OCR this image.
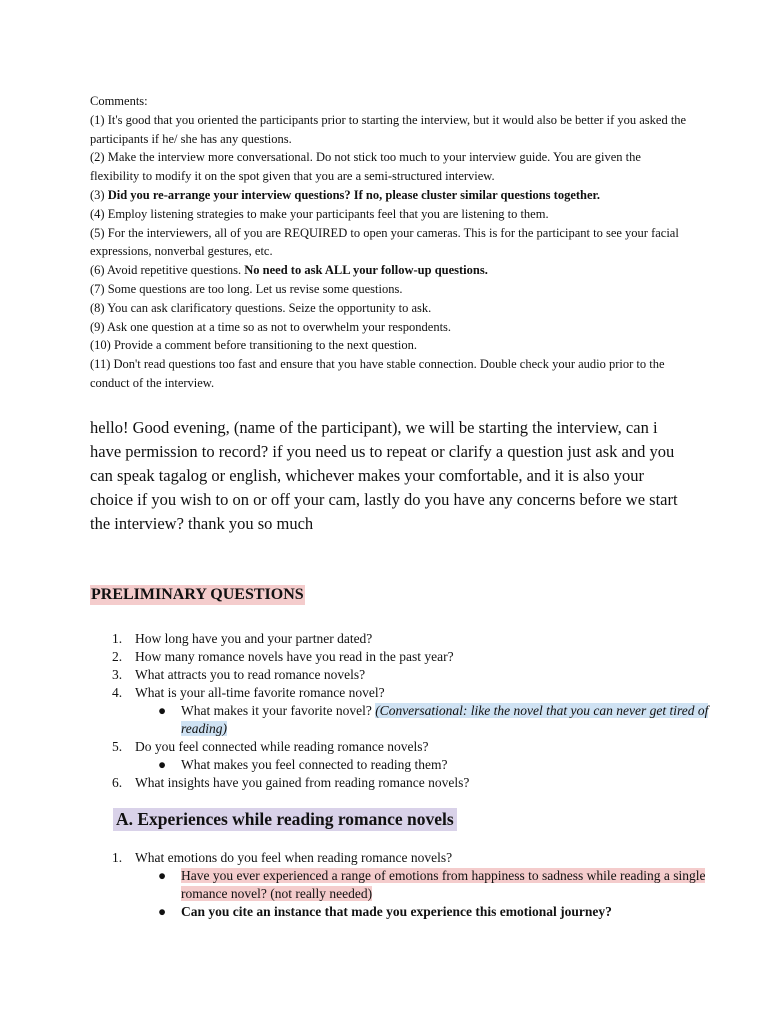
Comments:

(1) It's good that you oriented the participants prior to starting the interview, but it would also be better if you asked the participants if he/ she has any questions.

(2) Make the interview more conversational. Do not stick too much to your interview guide. You are given the flexibility to modify it on the spot given that you are a semi-structured interview.

(3) Did you re-arrange your interview questions? If no, please cluster similar questions together.

(4) Employ listening strategies to make your participants feel that you are listening to them.

(5) For the interviewers, all of you are REQUIRED to open your cameras. This is for the participant to see your facial expressions, nonverbal gestures, etc.

(6) Avoid repetitive questions. No need to ask ALL your follow-up questions.

(7) Some questions are too long. Let us revise some questions.

(8) You can ask clarificatory questions. Seize the opportunity to ask.

(9) Ask one question at a time so as not to overwhelm your respondents.

(10) Provide a comment before transitioning to the next question.

(11) Don't read questions too fast and ensure that you have stable connection. Double check your audio prior to the conduct of the interview.

hello! Good evening, (name of the participant), we will be starting the interview, can i have permission to record? if you need us to repeat or clarify a question just ask and you can speak tagalog or english, whichever makes your comfortable, and it is also your choice if you wish to on or off your cam, lastly do you have any concerns before we start the interview? thank you so much
PRELIMINARY QUESTIONS
1. How long have you and your partner dated?
2. How many romance novels have you read in the past year?
3. What attracts you to read romance novels?
4. What is your all-time favorite romance novel?
● What makes it your favorite novel? (Conversational: like the novel that you can never get tired of reading)
5. Do you feel connected while reading romance novels?
● What makes you feel connected to reading them?
6. What insights have you gained from reading romance novels?
A. Experiences while reading romance novels
1. What emotions do you feel when reading romance novels?
● Have you ever experienced a range of emotions from happiness to sadness while reading a single romance novel? (not really needed)
● Can you cite an instance that made you experience this emotional journey?
